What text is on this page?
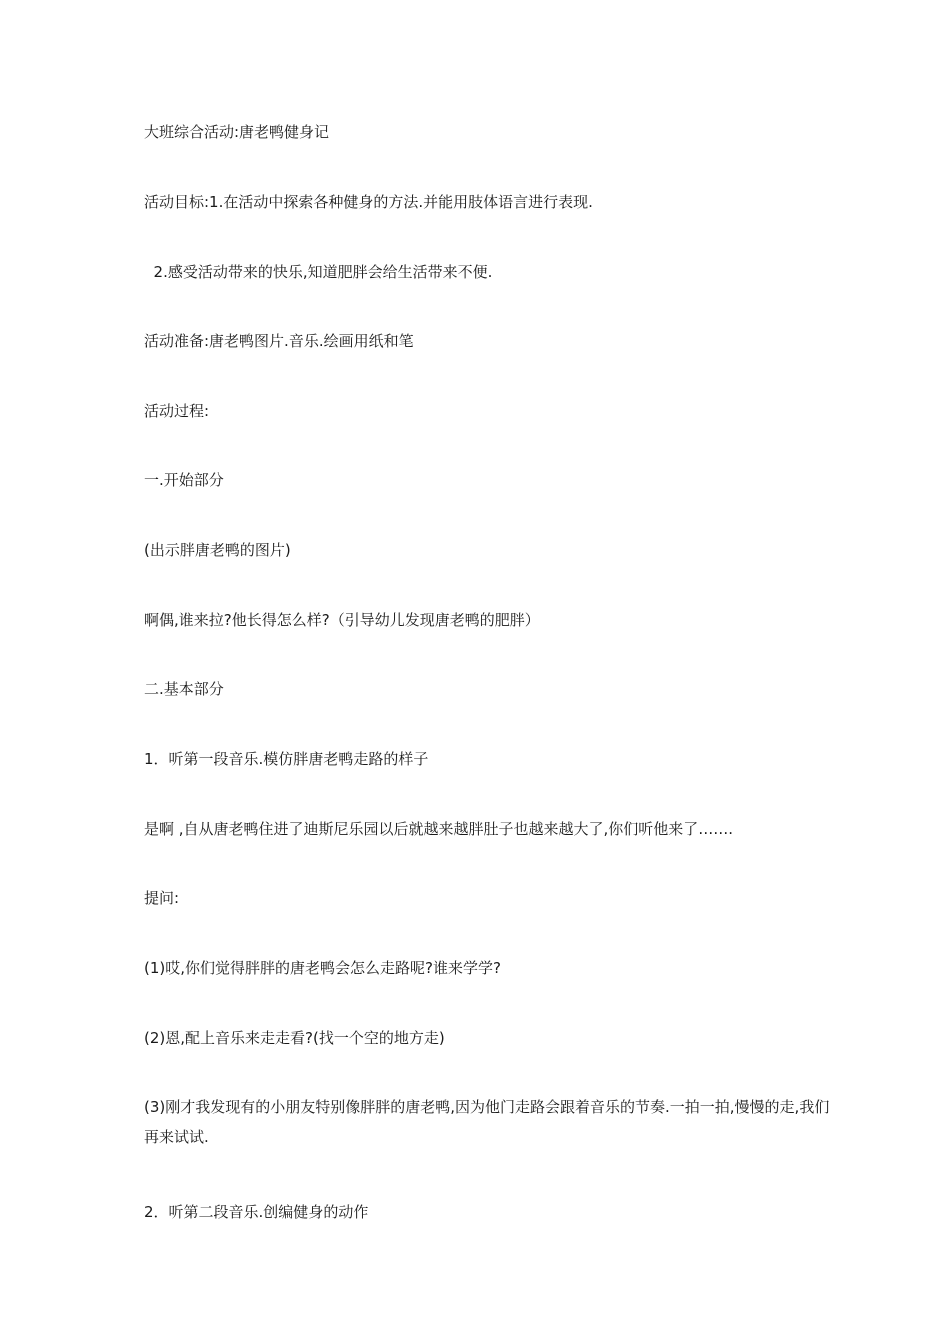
大班综合活动:唐老鸭健身记
活动目标:1.在活动中探索各种健身的方法.并能用肢体语言进行表现.
2.感受活动带来的快乐,知道肥胖会给生活带来不便.
活动准备:唐老鸭图片.音乐.绘画用纸和笔
活动过程:
一.开始部分
(出示胖唐老鸭的图片)
啊偶,谁来拉?他长得怎么样?（引导幼儿发现唐老鸭的肥胖）
二.基本部分
1．听第一段音乐.模仿胖唐老鸭走路的样子
是啊 ,自从唐老鸭住进了迪斯尼乐园以后就越来越胖肚子也越来越大了,你们听他来了…….
提问:
(1)哎,你们觉得胖胖的唐老鸭会怎么走路呢?谁来学学?
(2)恩,配上音乐来走走看?(找一个空的地方走)
(3)刚才我发现有的小朋友特别像胖胖的唐老鸭,因为他门走路会跟着音乐的节奏.一拍一拍,慢慢的走,我们再来试试.
2．听第二段音乐.创编健身的动作
